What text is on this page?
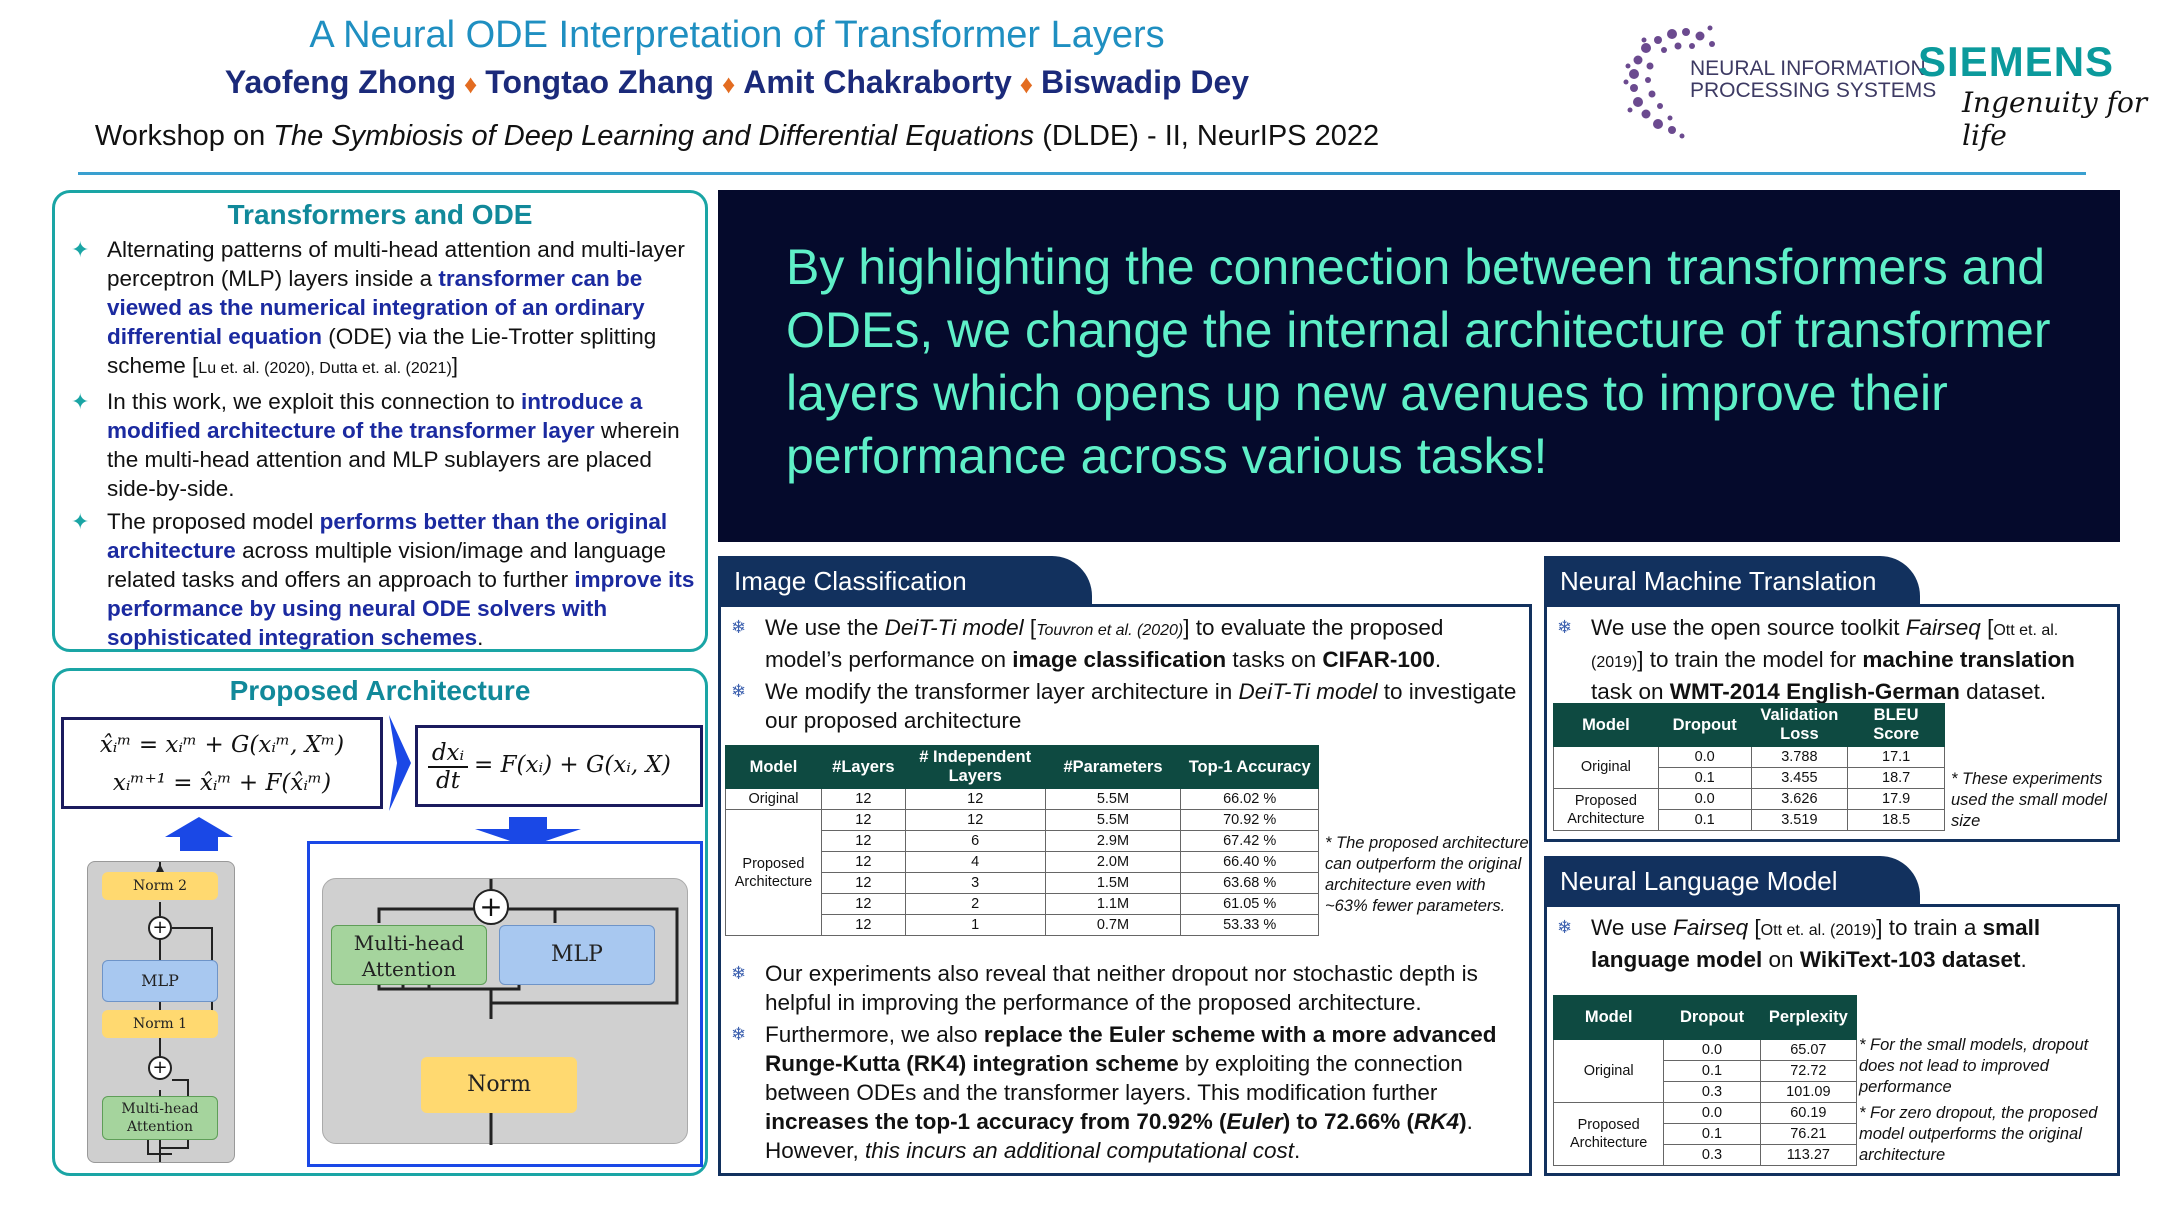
A Neural ODE Interpretation of Transformer Layers
Yaofeng Zhong ♦ Tongtao Zhang ♦ Amit Chakraborty ♦ Biswadip Dey
Workshop on The Symbiosis of Deep Learning and Differential Equations (DLDE) - II, NeurIPS 2022
NEURAL INFORMATION
PROCESSING SYSTEMS
SIEMENS
Ingenuity for life
Transformers and ODE
✦ Alternating patterns of multi-head attention and multi-layer perceptron (MLP) layers inside a transformer can be viewed as the numerical integration of an ordinary differential equation (ODE) via the Lie-Trotter splitting scheme [Lu et. al. (2020), Dutta et. al. (2021)]
✦ In this work, we exploit this connection to introduce a modified architecture of the transformer layer wherein the multi-head attention and MLP sublayers are placed side-by-side.
✦ The proposed model performs better than the original architecture across multiple vision/image and language related tasks and offers an approach to further improve its performance by using neural ODE solvers with sophisticated integration schemes.
Proposed Architecture
x̂ᵢᵐ = xᵢᵐ + G(xᵢᵐ, Xᵐ)
xᵢᵐ⁺¹ = x̂ᵢᵐ + F(x̂ᵢᵐ)
dxᵢ
dt
= F(xᵢ) + G(xᵢ, X)
Norm 2
+
MLP
Norm 1
+
Multi-head Attention
+
Multi-head Attention
MLP
Norm
By highlighting the connection between transformers and ODEs, we change the internal architecture of transformer layers which opens up new avenues to improve their performance across various tasks!
Image Classification
❄ We use the DeiT-Ti model [Touvron et al. (2020)] to evaluate the proposed model’s performance on image classification tasks on CIFAR-100.
❄ We modify the transformer layer architecture in DeiT-Ti model to investigate our proposed architecture
Model	#Layers	# Independent Layers	#Parameters	Top-1 Accuracy
Original	12	12	5.5M	66.02 %
Proposed Architecture	12	12	5.5M	70.92 %
	12	6	2.9M	67.42 %
	12	4	2.0M	66.40 %
	12	3	1.5M	63.68 %
	12	2	1.1M	61.05 %
	12	1	0.7M	53.33 %
* The proposed architecture can outperform the original architecture even with ~63% fewer parameters.
❄ Our experiments also reveal that neither dropout nor stochastic depth is helpful in improving the performance of the proposed architecture.
❄ Furthermore, we also replace the Euler scheme with a more advanced Runge-Kutta (RK4) integration scheme by exploiting the connection between ODEs and the transformer layers. This modification further increases the top-1 accuracy from 70.92% (Euler) to 72.66% (RK4). However, this incurs an additional computational cost.
Neural Machine Translation
❄ We use the open source toolkit Fairseq [Ott et. al. (2019)] to train the model for machine translation task on WMT-2014 English-German dataset.
Model	Dropout	Validation Loss	BLEU Score
Original	0.0	3.788	17.1
	0.1	3.455	18.7
Proposed Architecture	0.0	3.626	17.9
	0.1	3.519	18.5
* These experiments used the small model size
Neural Language Model
❄ We use Fairseq [Ott et. al. (2019)] to train a small language model on WikiText-103 dataset.
Model	Dropout	Perplexity
Original	0.0	65.07
	0.1	72.72
	0.3	101.09
Proposed Architecture	0.0	60.19
	0.1	76.21
	0.3	113.27
* For the small models, dropout does not lead to improved performance
* For zero dropout, the proposed model outperforms the original architecture
